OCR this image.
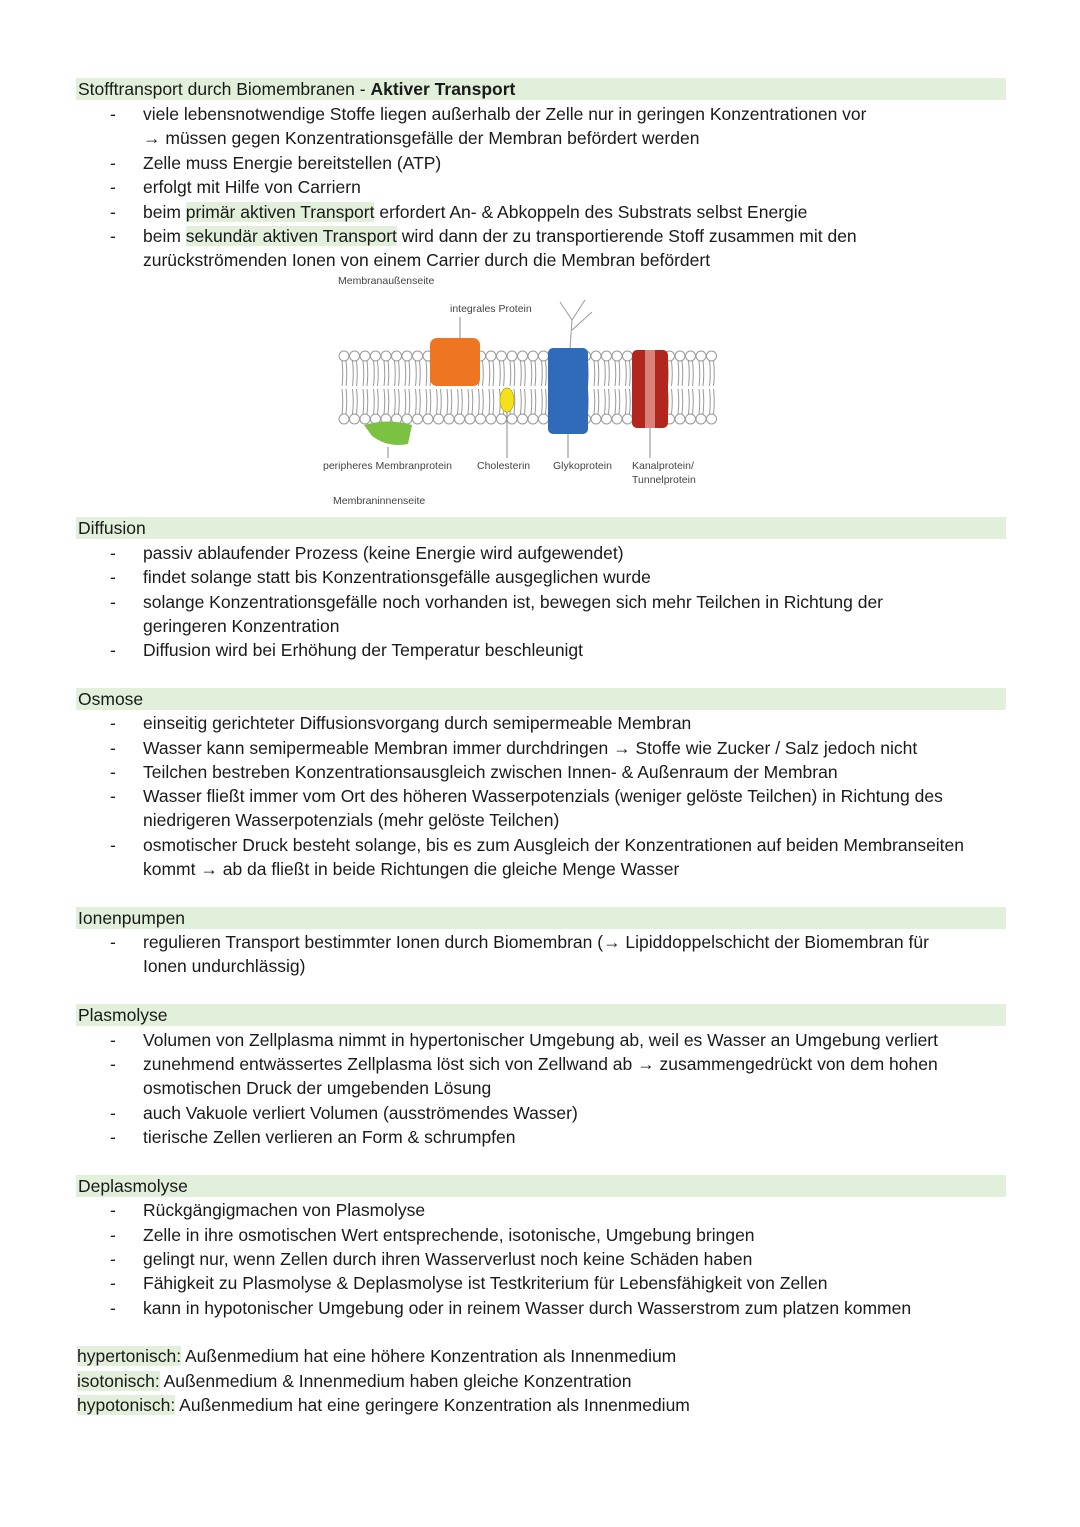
Stofftransport durch Biomembranen - Aktiver Transport
- viele lebensnotwendige Stoffe liegen außerhalb der Zelle nur in geringen Konzentrationen vor
→ müssen gegen Konzentrationsgefälle der Membran befördert werden
- Zelle muss Energie bereitstellen (ATP)
- erfolgt mit Hilfe von Carriern
- beim primär aktiven Transport erfordert An- & Abkoppeln des Substrats selbst Energie
- beim sekundär aktiven Transport wird dann der zu transportierende Stoff zusammen mit den
zurückströmenden Ionen von einem Carrier durch die Membran befördert
Membranaußenseite
integrales Protein
peripheres Membranprotein Cholesterin Glykoprotein Kanalprotein/
Tunnelprotein
Membraninnenseite
Diffusion
- passiv ablaufender Prozess (keine Energie wird aufgewendet)
- findet solange statt bis Konzentrationsgefälle ausgeglichen wurde
- solange Konzentrationsgefälle noch vorhanden ist, bewegen sich mehr Teilchen in Richtung der
geringeren Konzentration
- Diffusion wird bei Erhöhung der Temperatur beschleunigt
Osmose
- einseitig gerichteter Diffusionsvorgang durch semipermeable Membran
- Wasser kann semipermeable Membran immer durchdringen → Stoffe wie Zucker / Salz jedoch nicht
- Teilchen bestreben Konzentrationsausgleich zwischen Innen- & Außenraum der Membran
- Wasser fließt immer vom Ort des höheren Wasserpotenzials (weniger gelöste Teilchen) in Richtung des
niedrigeren Wasserpotenzials (mehr gelöste Teilchen)
- osmotischer Druck besteht solange, bis es zum Ausgleich der Konzentrationen auf beiden Membranseiten
kommt → ab da fließt in beide Richtungen die gleiche Menge Wasser
Ionenpumpen
- regulieren Transport bestimmter Ionen durch Biomembran (→ Lipiddoppelschicht der Biomembran für
Ionen undurchlässig)
Plasmolyse
- Volumen von Zellplasma nimmt in hypertonischer Umgebung ab, weil es Wasser an Umgebung verliert
- zunehmend entwässertes Zellplasma löst sich von Zellwand ab → zusammengedrückt von dem hohen
osmotischen Druck der umgebenden Lösung
- auch Vakuole verliert Volumen (ausströmendes Wasser)
- tierische Zellen verlieren an Form & schrumpfen
Deplasmolyse
- Rückgängigmachen von Plasmolyse
- Zelle in ihre osmotischen Wert entsprechende, isotonische, Umgebung bringen
- gelingt nur, wenn Zellen durch ihren Wasserverlust noch keine Schäden haben
- Fähigkeit zu Plasmolyse & Deplasmolyse ist Testkriterium für Lebensfähigkeit von Zellen
- kann in hypotonischer Umgebung oder in reinem Wasser durch Wasserstrom zum platzen kommen
hypertonisch: Außenmedium hat eine höhere Konzentration als Innenmedium
isotonisch: Außenmedium & Innenmedium haben gleiche Konzentration
hypotonisch: Außenmedium hat eine geringere Konzentration als Innenmedium
